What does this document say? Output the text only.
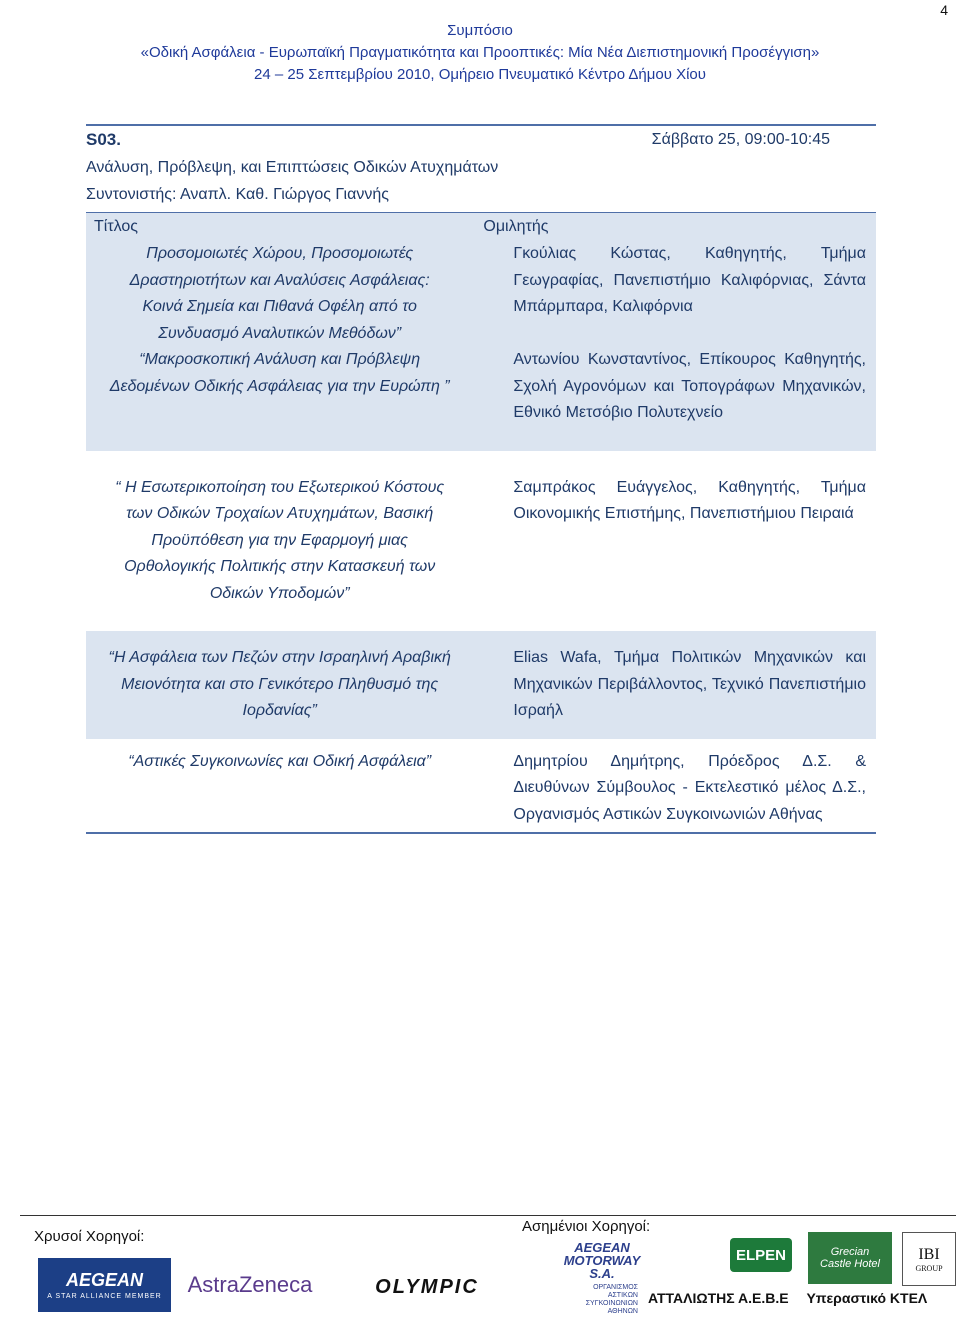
4
Συμπόσιο
«Οδική Ασφάλεια - Ευρωπαϊκή Πραγματικότητα και Προοπτικές: Μία Νέα Διεπιστημονική Προσέγγιση»
24 – 25 Σεπτεμβρίου 2010, Ομήρειο Πνευματικό Κέντρο Δήμου Χίου
S03.	Σάββατο 25, 09:00-10:45
Ανάλυση, Πρόβλεψη, και Επιπτώσεις Οδικών Ατυχημάτων
Συντονιστής: Αναπλ. Καθ. Γιώργος Γιαννής
Τίτλος	Ομιλητής
Προσομοιωτές Χώρου, Προσομοιωτές Δραστηριοτήτων και Αναλύσεις Ασφάλειας: Κοινά Σημεία και Πιθανά Οφέλη από το Συνδυασμό Αναλυτικών Μεθόδων”	Γκούλιας Κώστας, Καθηγητής, Τμήμα Γεωγραφίας, Πανεπιστήμιο Καλιφόρνιας, Σάντα Μπάρμπαρα, Καλιφόρνια
“Μακροσκοπική Ανάλυση και Πρόβλεψη Δεδομένων Οδικής Ασφάλειας για την Ευρώπη ”	Αντωνίου Κωνσταντίνος, Επίκουρος Καθηγητής, Σχολή Αγρονόμων και Τοπογράφων Μηχανικών, Εθνικό Μετσόβιο Πολυτεχνείο

“ Η Εσωτερικοποίηση του Εξωτερικού Κόστους των Οδικών Τροχαίων Ατυχημάτων, Βασική Προϋπόθεση για την Εφαρμογή μιας Ορθολογικής Πολιτικής στην Κατασκευή των Οδικών Υποδομών”	Σαμπράκος Ευάγγελος, Καθηγητής, Τμήμα Οικονομικής Επιστήμης, Πανεπιστήμιου Πειραιά

“Η Ασφάλεια των Πεζών στην Ισραηλινή Αραβική Μειονότητα και στο Γενικότερο Πληθυσμό της Ιορδανίας”	Elias Wafa, Τμήμα Πολιτικών Μηχανικών και Μηχανικών Περιβάλλοντος, Τεχνικό Πανεπιστήμιο Ισραήλ
“Αστικές Συγκοινωνίες και Οδική Ασφάλεια”	Δημητρίου Δημήτρης, Πρόεδρος Δ.Σ. & Διευθύνων Σύμβουλος - Εκτελεστικό μέλος Δ.Σ., Οργανισμός Αστικών Συγκοινωνιών Αθήνας
Χρυσοί Χορηγοί:
Ασημένιοι Χορηγοί:
AEGEAN
A STAR ALLIANCE MEMBER	AstraZeneca	OLYMPIC
AEGEAN
MOTORWAY
S.A.
ΟΡΓΑΝΙΣΜΟΣ
ΑΣΤΙΚΩΝ
ΣΥΓΚΟΙΝΩΝΙΩΝ
ΑΘΗΝΩΝ
ELPEN	Grecian
Castle Hotel
IBI
GROUP
ΑΤΤΑΛΙΩΤΗΣ Α.Ε.Β.Ε Υπεραστικό ΚΤΕΛ
